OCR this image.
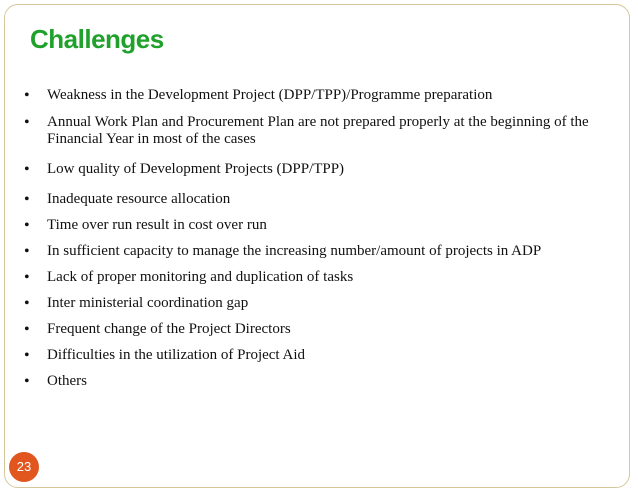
Challenges
• Weakness in the Development Project (DPP/TPP)/Programme preparation
• Annual Work Plan and Procurement Plan are not prepared properly at the beginning of the Financial Year in most of the cases
• Low quality of Development Projects (DPP/TPP)
• Inadequate resource allocation
• Time over run result in cost over run
• In sufficient capacity to manage the increasing number/amount of projects in ADP
• Lack of proper monitoring and duplication of tasks
• Inter ministerial coordination gap
• Frequent change of the Project Directors
• Difficulties in the utilization of Project Aid
• Others
23
